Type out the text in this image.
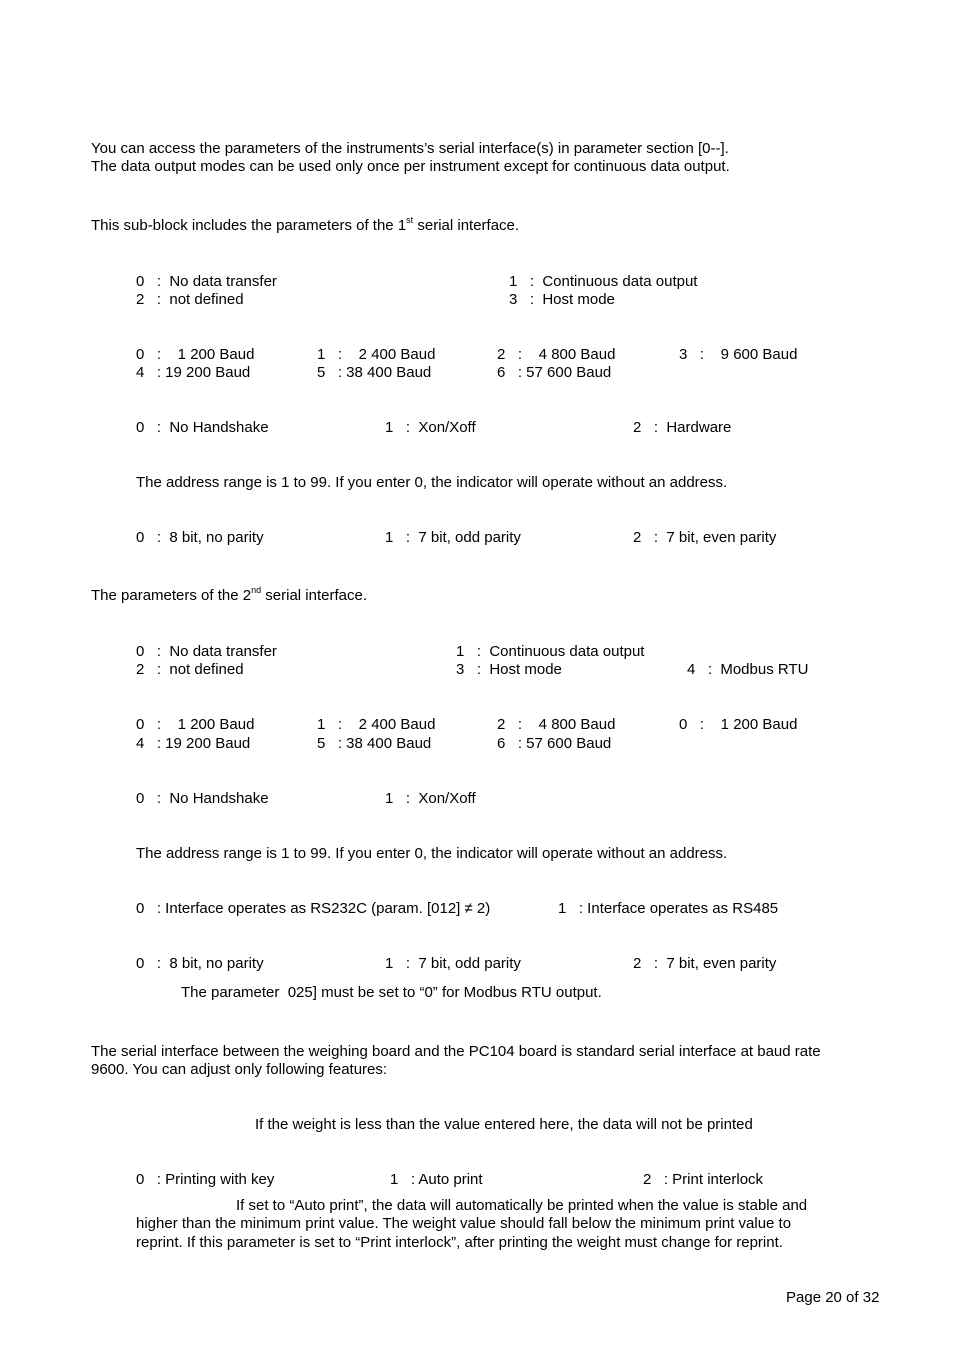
You can access the parameters of the instruments’s serial interface(s) in parameter section [0--].
The data output modes can be used only once per instrument except for continuous data output.
This sub-block includes the parameters of the 1st serial interface.
0   :  No data transfer	1   :  Continuous data output
2   :  not defined	3   :  Host mode
0   :    1 200 Baud	1   :    2 400 Baud	2   :    4 800 Baud	3   :    9 600 Baud
4   : 19 200 Baud	5   : 38 400 Baud	6   : 57 600 Baud
0   :  No Handshake	1   :  Xon/Xoff	2   :  Hardware
The address range is 1 to 99. If you enter 0, the indicator will operate without an address.
0   :  8 bit, no parity	1   :  7 bit, odd parity	2   :  7 bit, even parity
The parameters of the 2nd serial interface.
0   :  No data transfer	1   :  Continuous data output
2   :  not defined	3   :  Host mode	4   :  Modbus RTU
0   :    1 200 Baud	1   :    2 400 Baud	2   :    4 800 Baud	0   :    1 200 Baud
4   : 19 200 Baud	5   : 38 400 Baud	6   : 57 600 Baud
0   :  No Handshake	1   :  Xon/Xoff
The address range is 1 to 99. If you enter 0, the indicator will operate without an address.
0   : Interface operates as RS232C (param. [012] ≠ 2)	1   : Interface operates as RS485
0   :  8 bit, no parity	1   :  7 bit, odd parity	2   :  7 bit, even parity
The parameter  025] must be set to “0” for Modbus RTU output.
The serial interface between the weighing board and the PC104 board is standard serial interface at baud rate
9600. You can adjust only following features:
If the weight is less than the value entered here, the data will not be printed
0   : Printing with key	1   : Auto print	2   : Print interlock
If set to “Auto print”, the data will automatically be printed when the value is stable and
higher than the minimum print value. The weight value should fall below the minimum print value to
reprint. If this parameter is set to “Print interlock”, after printing the weight must change for reprint.
Page 20 of 32
